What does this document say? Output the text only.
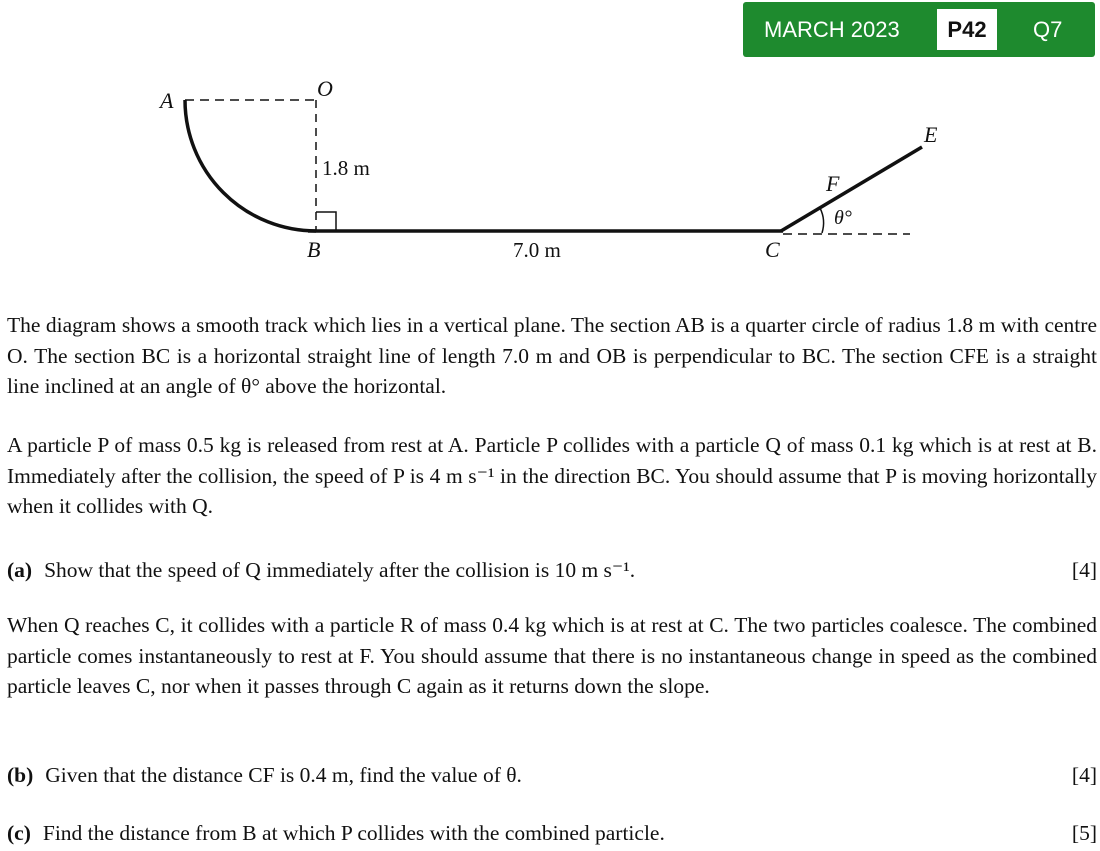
MARCH 2023	P42	Q7
A	O
1.8 m
B	7.0 m	C
E
F
θ°
The diagram shows a smooth track which lies in a vertical plane. The section AB is a quarter circle of radius 1.8 m with centre O. The section BC is a horizontal straight line of length 7.0 m and OB is perpendicular to BC. The section CFE is a straight line inclined at an angle of θ° above the horizontal.
A particle P of mass 0.5 kg is released from rest at A. Particle P collides with a particle Q of mass 0.1 kg which is at rest at B. Immediately after the collision, the speed of P is 4 m s⁻¹ in the direction BC. You should assume that P is moving horizontally when it collides with Q.
(a) Show that the speed of Q immediately after the collision is 10 m s⁻¹.	[4]
When Q reaches C, it collides with a particle R of mass 0.4 kg which is at rest at C. The two particles coalesce. The combined particle comes instantaneously to rest at F. You should assume that there is no instantaneous change in speed as the combined particle leaves C, nor when it passes through C again as it returns down the slope.
(b) Given that the distance CF is 0.4 m, find the value of θ.	[4]
(c) Find the distance from B at which P collides with the combined particle.	[5]
